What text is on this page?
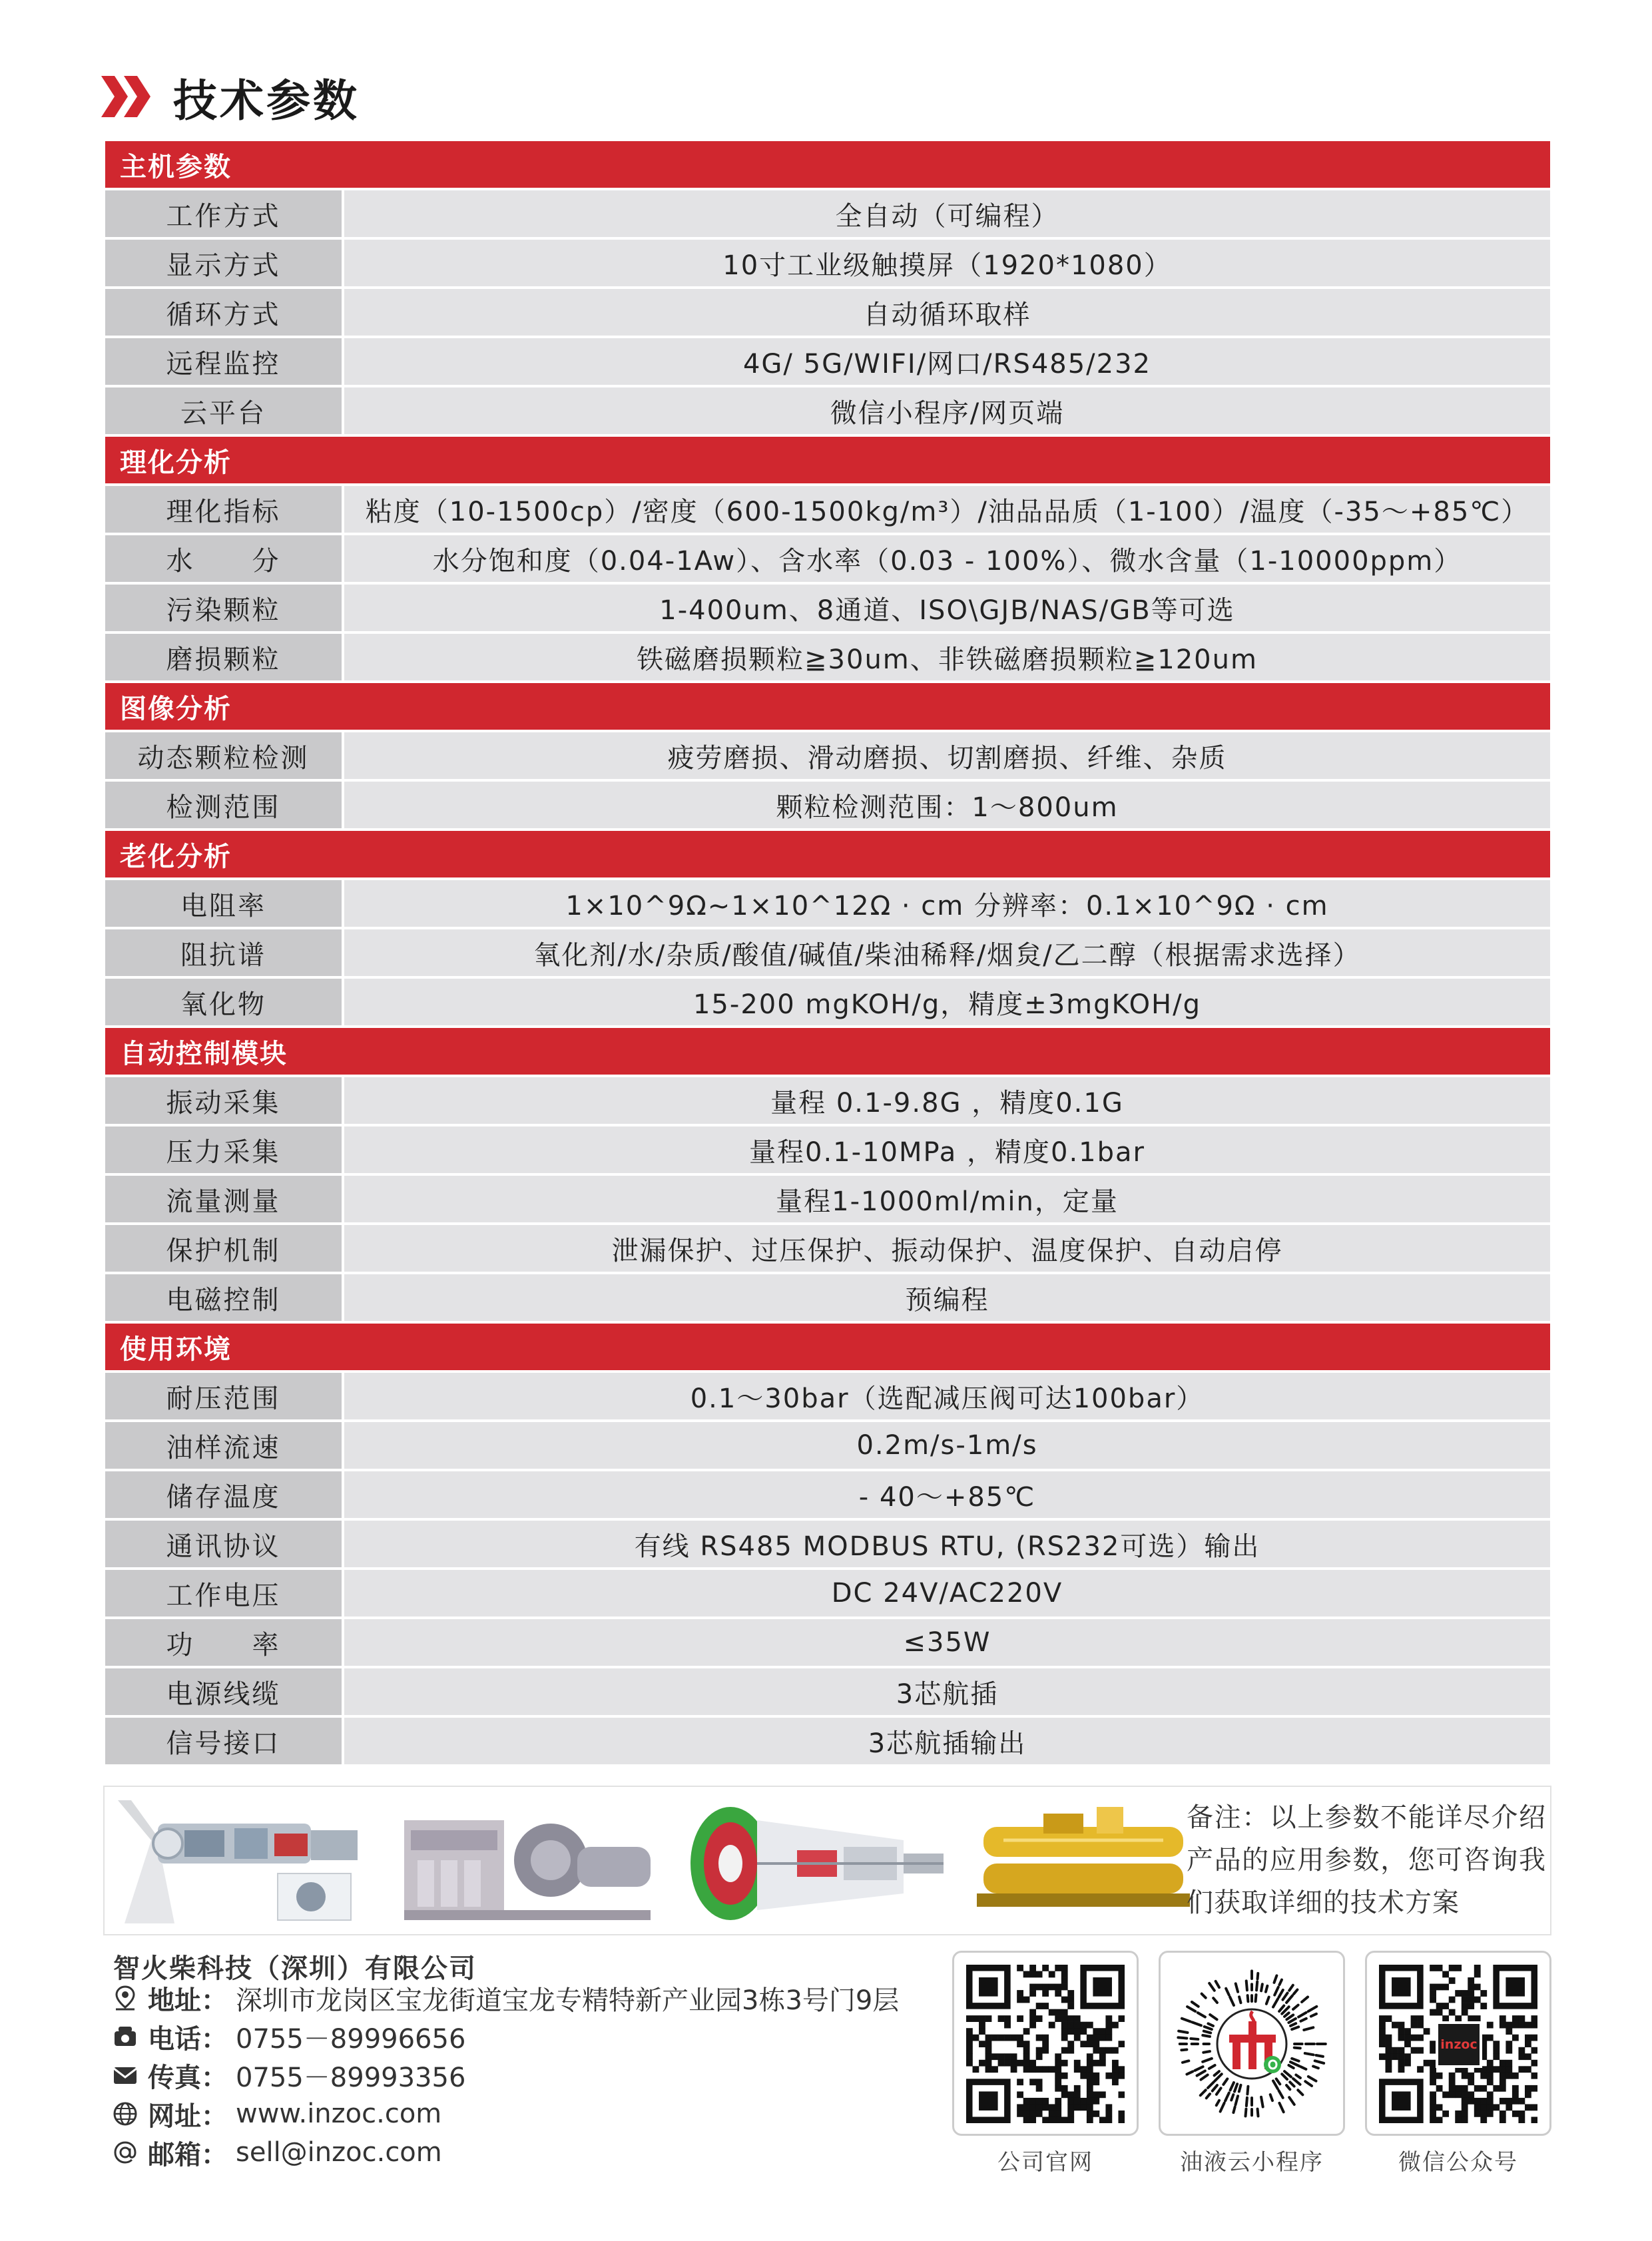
技术参数
主机参数
工作方式	全自动（可编程）
显示方式	10寸工业级触摸屏（1920*1080）
循环方式	自动循环取样
远程监控	4G/ 5G/WIFI/网口/RS485/232
云平台	微信小程序/网页端
理化分析
理化指标	粘度（10-1500cp）/密度（600-1500kg/m³）/油品品质（1-100）/温度（-35～+85℃）
水　　分	水分饱和度（0.04-1Aw）、含水率（0.03 - 100%）、微水含量（1-10000ppm）
污染颗粒	1-400um、8通道、ISO\GJB/NAS/GB等可选
磨损颗粒	铁磁磨损颗粒≧30um、非铁磁磨损颗粒≧120um
图像分析
动态颗粒检测	疲劳磨损、滑动磨损、切割磨损、纤维、杂质
检测范围	颗粒检测范围：1～800um
老化分析
电阻率	1×10^9Ω~1×10^12Ω · cm 分辨率：0.1×10^9Ω · cm
阻抗谱	氧化剂/水/杂质/酸值/碱值/柴油稀释/烟炱/乙二醇（根据需求选择）
氧化物	15-200 mgKOH/g，精度±3mgKOH/g
自动控制模块
振动采集	量程 0.1-9.8G ，精度0.1G
压力采集	量程0.1-10MPa ，精度0.1bar
流量测量	量程1-1000ml/min，定量
保护机制	泄漏保护、过压保护、振动保护、温度保护、自动启停
电磁控制	预编程
使用环境
耐压范围	0.1～30bar（选配减压阀可达100bar）
油样流速	0.2m/s-1m/s
储存温度	- 40～+85℃
通讯协议	有线 RS485 MODBUS RTU, (RS232可选）输出
工作电压	DC 24V/AC220V
功　　率	≤35W
电源线缆	3芯航插
信号接口	3芯航插输出
备注：以上参数不能详尽介绍产品的应用参数，您可咨询我们获取详细的技术方案
智火柴科技（深圳）有限公司
地址： 深圳市龙岗区宝龙街道宝龙专精特新产业园3栋3号门9层
电话： 0755－89996656
传真： 0755－89993356
网址： www.inzoc.com
邮箱： sell@inzoc.com	公司官网	油液云小程序
inzoc
微信公众号
